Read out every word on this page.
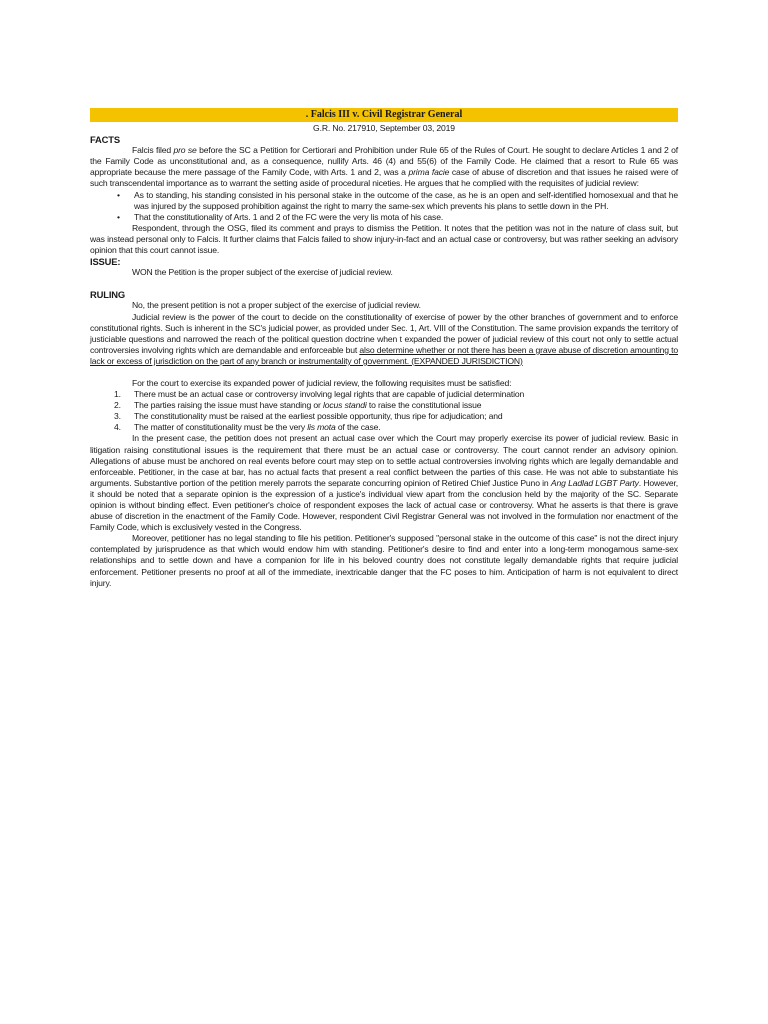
. Falcis III v. Civil Registrar General
G.R. No. 217910, September 03, 2019
FACTS

Falcis filed pro se before the SC a Petition for Certiorari and Prohibition under Rule 65 of the Rules of Court. He sought to declare Articles 1 and 2 of the Family Code as unconstitutional and, as a consequence, nullify Arts. 46 (4) and 55(6) of the Family Code. He claimed that a resort to Rule 65 was appropriate because the mere passage of the Family Code, with Arts. 1 and 2, was a prima facie case of abuse of discretion and that issues he raised were of such transcendental importance as to warrant the setting aside of procedural niceties. He argues that he complied with the requisites of judicial review:

• As to standing, his standing consisted in his personal stake in the outcome of the case, as he is an open and self-identified homosexual and that he was injured by the supposed prohibition against the right to marry the same-sex which prevents his plans to settle down in the PH.
• That the constitutionality of Arts. 1 and 2 of the FC were the very lis mota of his case.

Respondent, through the OSG, filed its comment and prays to dismiss the Petition. It notes that the petition was not in the nature of class suit, but was instead personal only to Falcis. It further claims that Falcis failed to show injury-in-fact and an actual case or controversy, but was rather seeking an advisory opinion that this court cannot issue.

ISSUE:

WON the Petition is the proper subject of the exercise of judicial review.

RULING

No, the present petition is not a proper subject of the exercise of judicial review.

Judicial review is the power of the court to decide on the constitutionality of exercise of power by the other branches of government and to enforce constitutional rights. Such is inherent in the SC's judicial power, as provided under Sec. 1, Art. VIII of the Constitution. The same provision expands the territory of justiciable questions and narrowed the reach of the political question doctrine when t expanded the power of judicial review of this court not only to settle actual controversies involving rights which are demandable and enforceable but also determine whether or not there has been a grave abuse of discretion amounting to lack or excess of jurisdiction on the part of any branch or instrumentality of government. (EXPANDED JURISDICTION)

For the court to exercise its expanded power of judicial review, the following requisites must be satisfied:

1. There must be an actual case or controversy involving legal rights that are capable of judicial determination
2. The parties raising the issue must have standing or locus standi to raise the constitutional issue
3. The constitutionality must be raised at the earliest possible opportunity, thus ripe for adjudication; and
4. The matter of constitutionality must be the very lis mota of the case.

In the present case, the petition does not present an actual case over which the Court may properly exercise its power of judicial review. Basic in litigation raising constitutional issues is the requirement that there must be an actual case or controversy. The court cannot render an advisory opinion. Allegations of abuse must be anchored on real events before court may step on to settle actual controversies involving rights which are legally demandable and enforceable. Petitioner, in the case at bar, has no actual facts that present a real conflict between the parties of this case. He was not able to substantiate his arguments. Substantive portion of the petition merely parrots the separate concurring opinion of Retired Chief Justice Puno in Ang Ladlad LGBT Party. However, it should be noted that a separate opinion is the expression of a justice's individual view apart from the conclusion held by the majority of the SC. Separate opinion is without binding effect. Even petitioner's choice of respondent exposes the lack of actual case or controversy. What he asserts is that there is grave abuse of discretion in the enactment of the Family Code. However, respondent Civil Registrar General was not involved in the formulation nor enactment of the Family Code, which is exclusively vested in the Congress.

Moreover, petitioner has no legal standing to file his petition. Petitioner's supposed "personal stake in the outcome of this case" is not the direct injury contemplated by jurisprudence as that which would endow him with standing. Petitioner's desire to find and enter into a long-term monogamous same-sex relationships and to settle down and have a companion for life in his beloved country does not constitute legally demandable rights that require judicial enforcement. Petitioner presents no proof at all of the immediate, inextricable danger that the FC poses to him. Anticipation of harm is not equivalent to direct injury.
